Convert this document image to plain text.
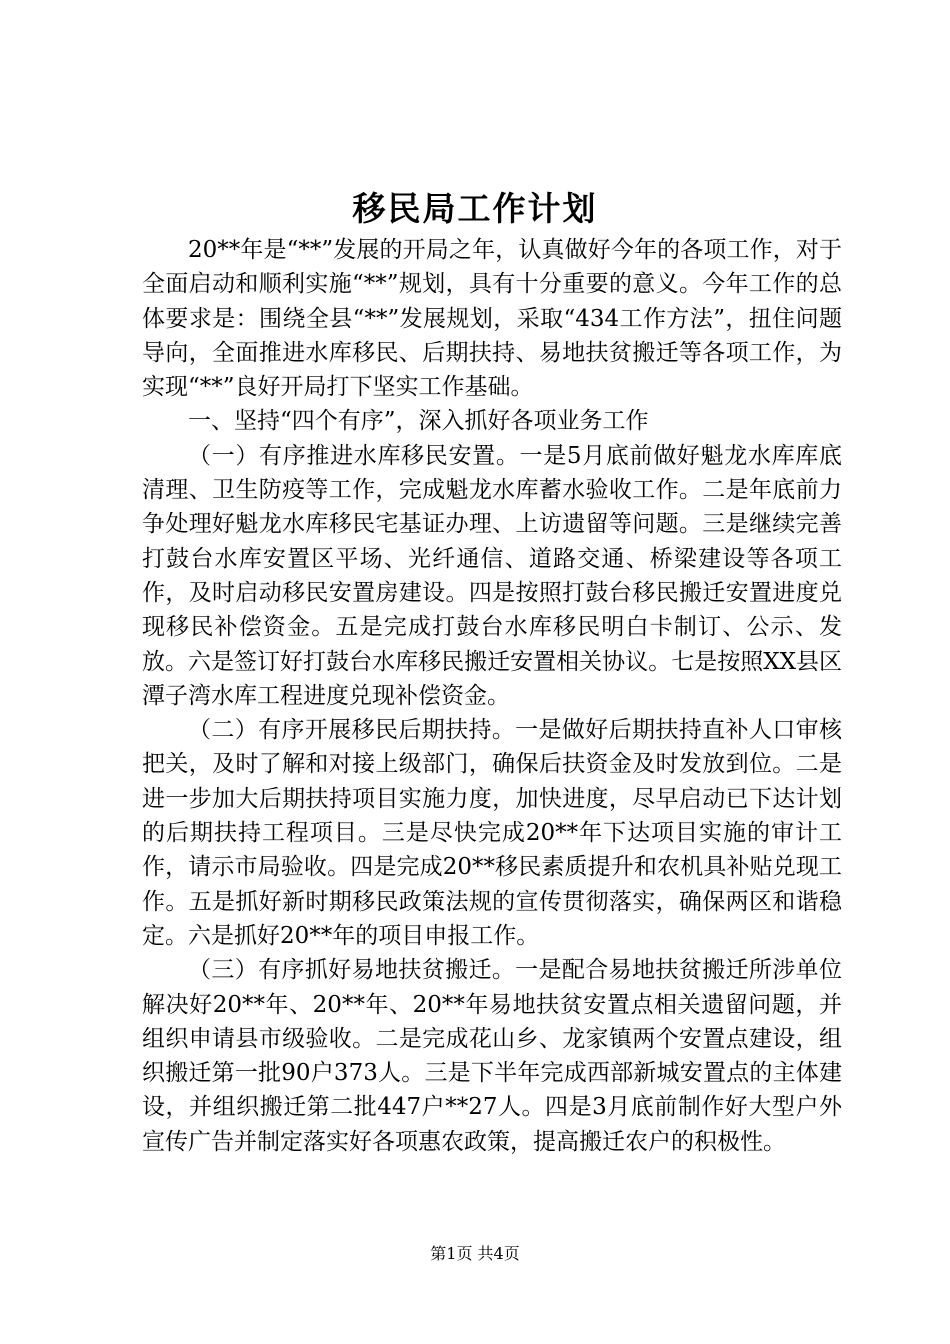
移民局工作计划

20**年是“**”发展的开局之年，认真做好今年的各项工作，对于全面启动和顺利实施“**”规划，具有十分重要的意义。今年工作的总体要求是：围绕全县“**”发展规划，采取“434工作方法”，扭住问题导向，全面推进水库移民、后期扶持、易地扶贫搬迁等各项工作，为实现“**”良好开局打下坚实工作基础。

一、坚持“四个有序”，深入抓好各项业务工作

（一）有序推进水库移民安置。一是5月底前做好魁龙水库库底清理、卫生防疫等工作，完成魁龙水库蓄水验收工作。二是年底前力争处理好魁龙水库移民宅基证办理、上访遗留等问题。三是继续完善打鼓台水库安置区平场、光纤通信、道路交通、桥梁建设等各项工作，及时启动移民安置房建设。四是按照打鼓台移民搬迁安置进度兑现移民补偿资金。五是完成打鼓台水库移民明白卡制订、公示、发放。六是签订好打鼓台水库移民搬迁安置相关协议。七是按照XX县区潭子湾水库工程进度兑现补偿资金。

（二）有序开展移民后期扶持。一是做好后期扶持直补人口审核把关，及时了解和对接上级部门，确保后扶资金及时发放到位。二是进一步加大后期扶持项目实施力度，加快进度，尽早启动已下达计划的后期扶持工程项目。三是尽快完成20**年下达项目实施的审计工作，请示市局验收。四是完成20**移民素质提升和农机具补贴兑现工作。五是抓好新时期移民政策法规的宣传贯彻落实，确保两区和谐稳定。六是抓好20**年的项目申报工作。

（三）有序抓好易地扶贫搬迁。一是配合易地扶贫搬迁所涉单位解决好20**年、20**年、20**年易地扶贫安置点相关遗留问题，并组织申请县市级验收。二是完成花山乡、龙家镇两个安置点建设，组织搬迁第一批90户373人。三是下半年完成西部新城安置点的主体建设，并组织搬迁第二批447户**27人。四是3月底前制作好大型户外宣传广告并制定落实好各项惠农政策，提高搬迁农户的积极性。

第1页 共4页
